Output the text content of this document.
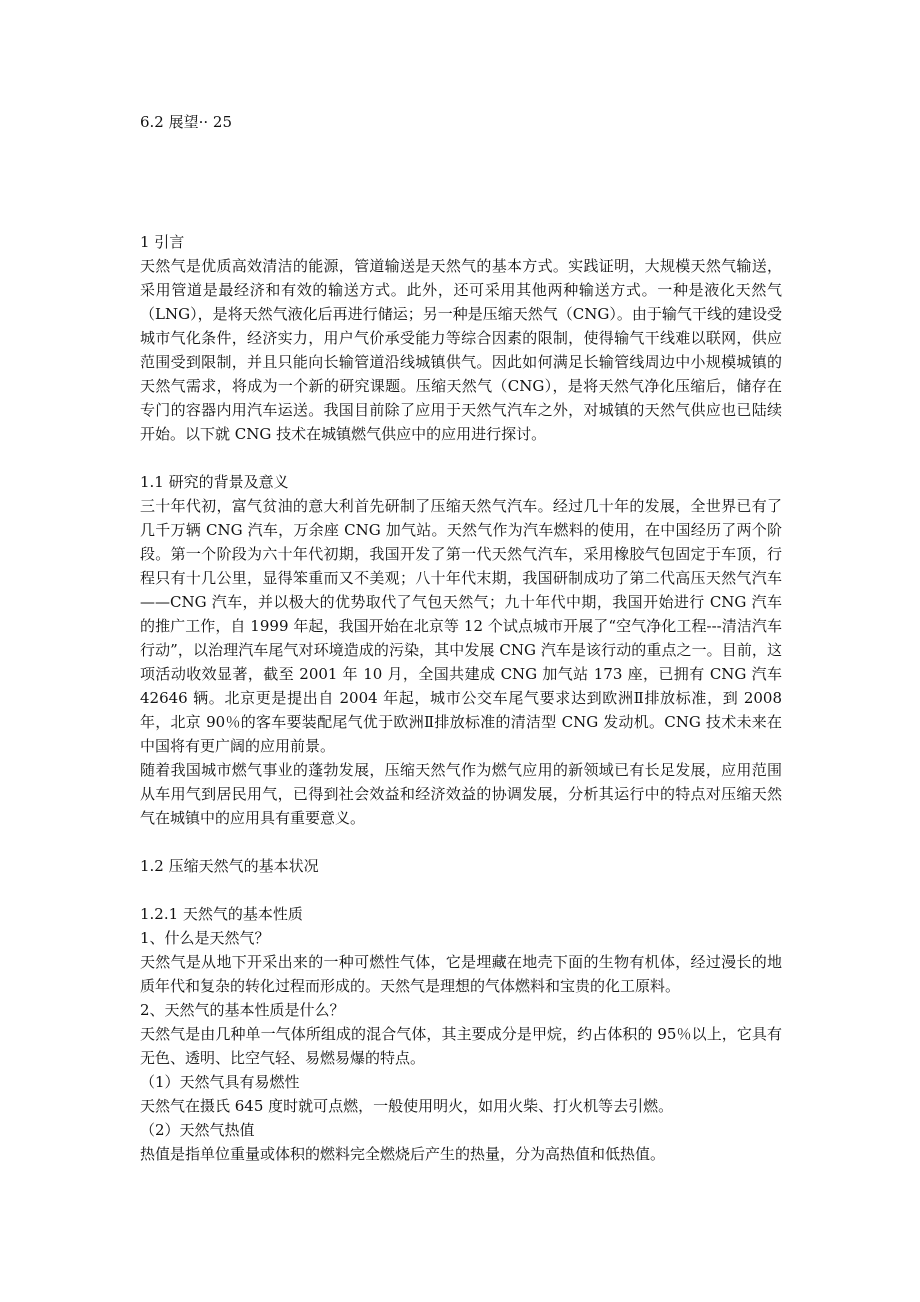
6.2 展望·· 25
1 引言

天然气是优质高效清洁的能源，管道输送是天然气的基本方式。实践证明，大规模天然气输送，采用管道是最经济和有效的输送方式。此外，还可采用其他两种输送方式。一种是液化天然气（LNG），是将天然气液化后再进行储运；另一种是压缩天然气（CNG）。由于输气干线的建设受城市气化条件，经济实力，用户气价承受能力等综合因素的限制，使得输气干线难以联网，供应范围受到限制，并且只能向长输管道沿线城镇供气。因此如何满足长输管线周边中小规模城镇的天然气需求，将成为一个新的研究课题。压缩天然气（CNG），是将天然气净化压缩后，储存在专门的容器内用汽车运送。我国目前除了应用于天然气汽车之外，对城镇的天然气供应也已陆续开始。以下就 CNG 技术在城镇燃气供应中的应用进行探讨。

1.1 研究的背景及意义

三十年代初，富气贫油的意大利首先研制了压缩天然气汽车。经过几十年的发展，全世界已有了几千万辆 CNG 汽车，万余座 CNG 加气站。天然气作为汽车燃料的使用，在中国经历了两个阶段。第一个阶段为六十年代初期，我国开发了第一代天然气汽车，采用橡胶气包固定于车顶，行程只有十几公里，显得笨重而又不美观；八十年代末期，我国研制成功了第二代高压天然气汽车——CNG 汽车，并以极大的优势取代了气包天然气；九十年代中期，我国开始进行 CNG 汽车的推广工作，自 1999 年起，我国开始在北京等 12 个试点城市开展了“空气净化工程---清洁汽车行动”，以治理汽车尾气对环境造成的污染，其中发展 CNG 汽车是该行动的重点之一。目前，这项活动收效显著，截至 2001 年 10 月，全国共建成 CNG 加气站 173 座，已拥有 CNG 汽车 42646 辆。北京更是提出自 2004 年起，城市公交车尾气要求达到欧洲Ⅱ排放标准，到 2008 年，北京 90％的客车要装配尾气优于欧洲Ⅱ排放标准的清洁型 CNG 发动机。CNG 技术未来在中国将有更广阔的应用前景。

随着我国城市燃气事业的蓬勃发展，压缩天然气作为燃气应用的新领域已有长足发展，应用范围从车用气到居民用气，已得到社会效益和经济效益的协调发展，分析其运行中的特点对压缩天然气在城镇中的应用具有重要意义。

1.2 压缩天然气的基本状况
1.2.1 天然气的基本性质
1、什么是天然气？

天然气是从地下开采出来的一种可燃性气体，它是埋藏在地壳下面的生物有机体，经过漫长的地质年代和复杂的转化过程而形成的。天然气是理想的气体燃料和宝贵的化工原料。

2、天然气的基本性质是什么？

天然气是由几种单一气体所组成的混合气体，其主要成分是甲烷，约占体积的 95％以上，它具有无色、透明、比空气轻、易燃易爆的特点。

（1）天然气具有易燃性

天然气在摄氏 645 度时就可点燃，一般使用明火，如用火柴、打火机等去引燃。

（2）天然气热值

热值是指单位重量或体积的燃料完全燃烧后产生的热量，分为高热值和低热值。
